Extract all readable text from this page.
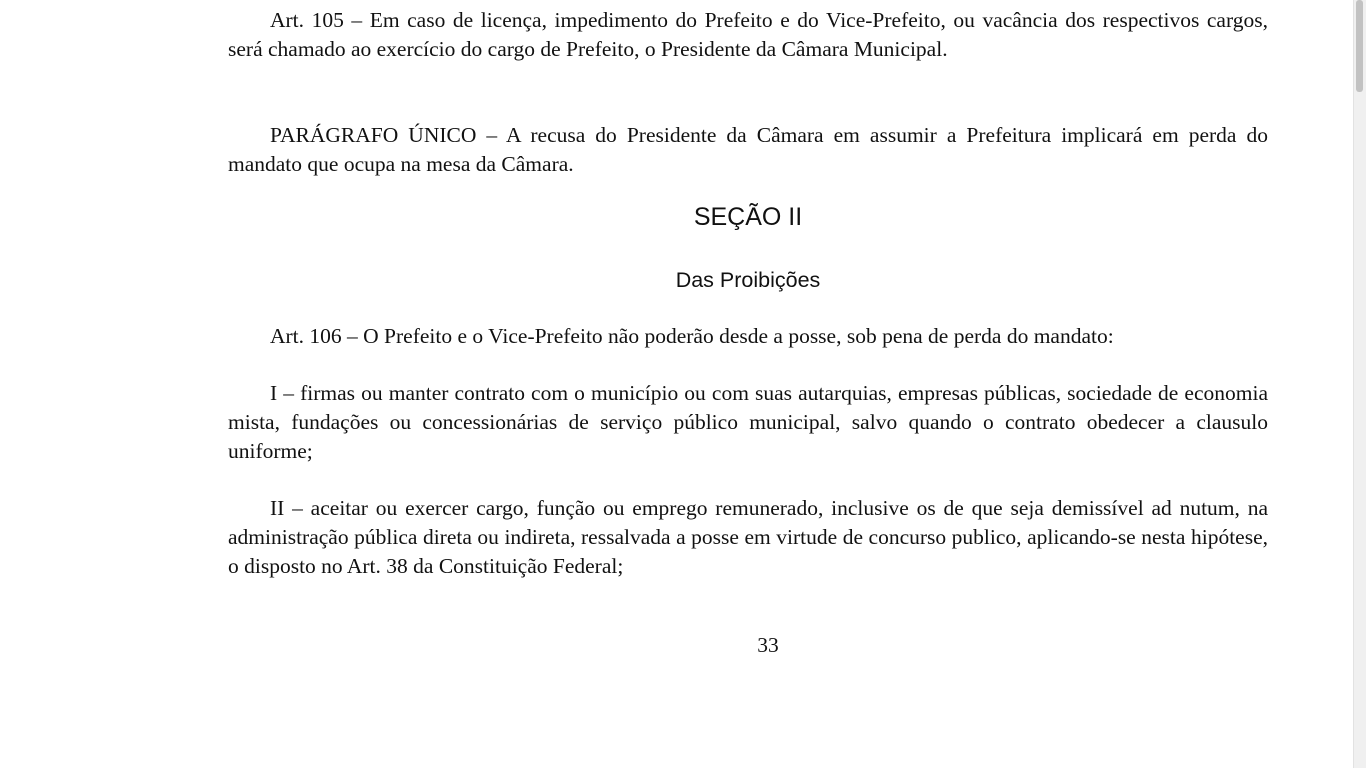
Art. 105 – Em caso de licença, impedimento do Prefeito e do Vice-Prefeito, ou vacância dos respectivos cargos, será chamado ao exercício do cargo de Prefeito, o Presidente da Câmara Municipal.

PARÁGRAFO ÚNICO – A recusa do Presidente da Câmara em assumir a Prefeitura implicará em perda do mandato que ocupa na mesa da Câmara.

SEÇÃO II
Das Proibições

Art. 106 – O Prefeito e o Vice-Prefeito não poderão desde a posse, sob pena de perda do mandato:

I – firmas ou manter contrato com o município ou com suas autarquias, empresas públicas, sociedade de economia mista, fundações ou concessionárias de serviço público municipal, salvo quando o contrato obedecer a clausulo uniforme;

II – aceitar ou exercer cargo, função ou emprego remunerado, inclusive os de que seja demissível ad nutum, na administração pública direta ou indireta, ressalvada a posse em virtude de concurso publico, aplicando-se nesta hipótese, o disposto no Art. 38 da Constituição Federal;

33
